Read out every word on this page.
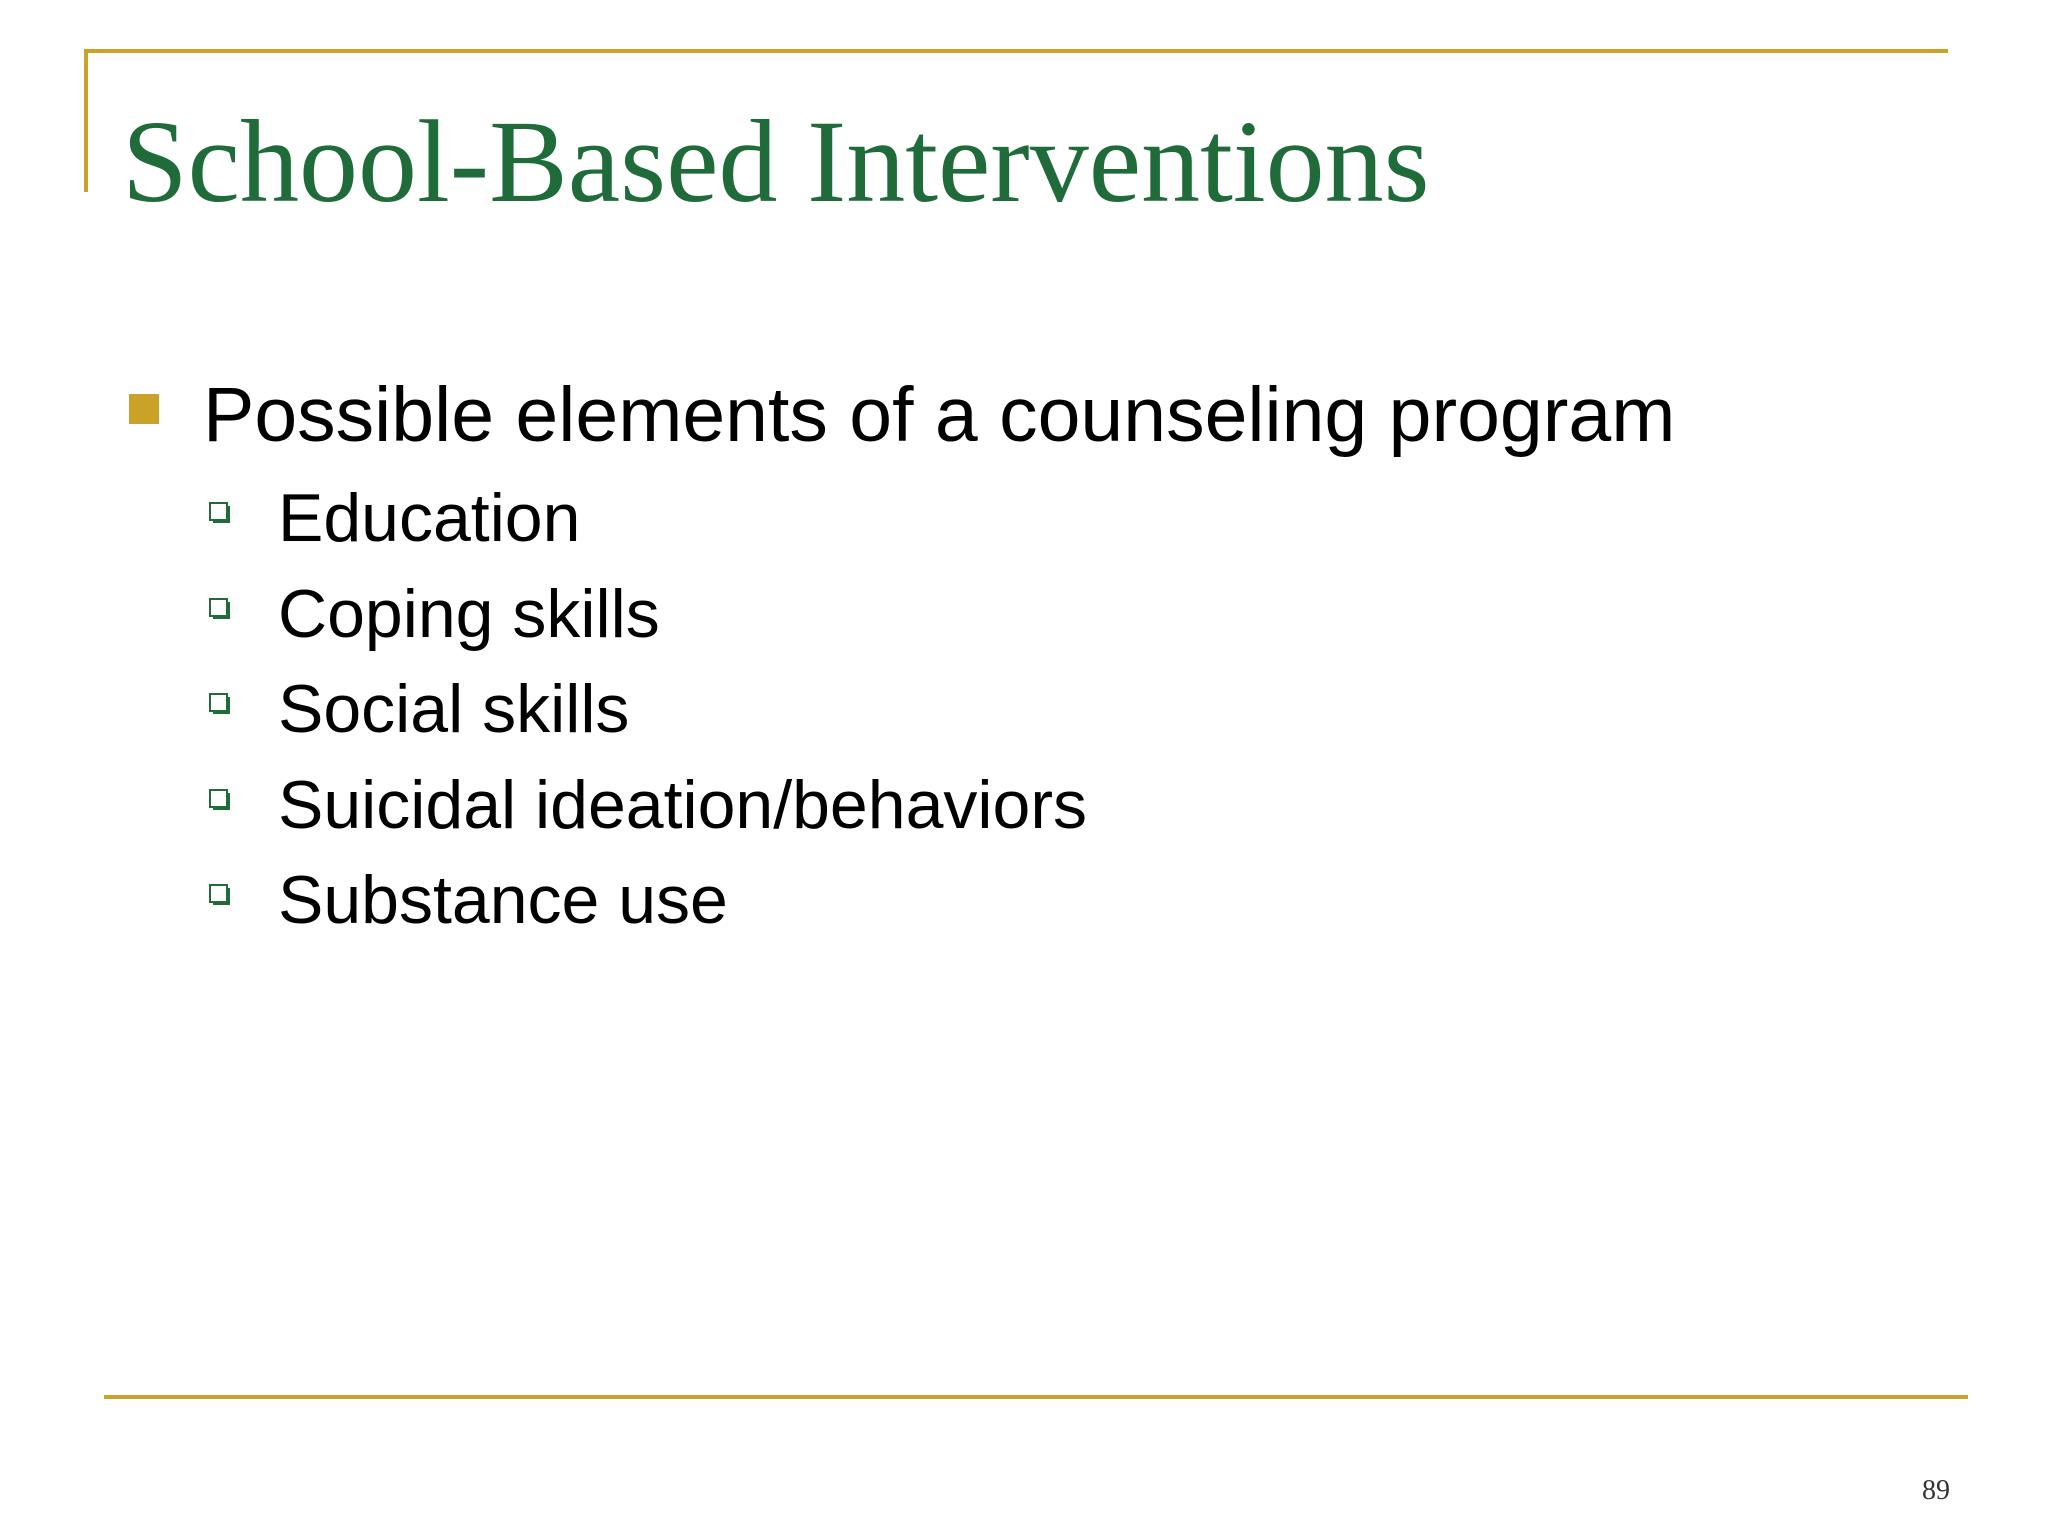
School-Based Interventions
Possible elements of a counseling program
Education
Coping skills
Social skills
Suicidal ideation/behaviors
Substance use
89
